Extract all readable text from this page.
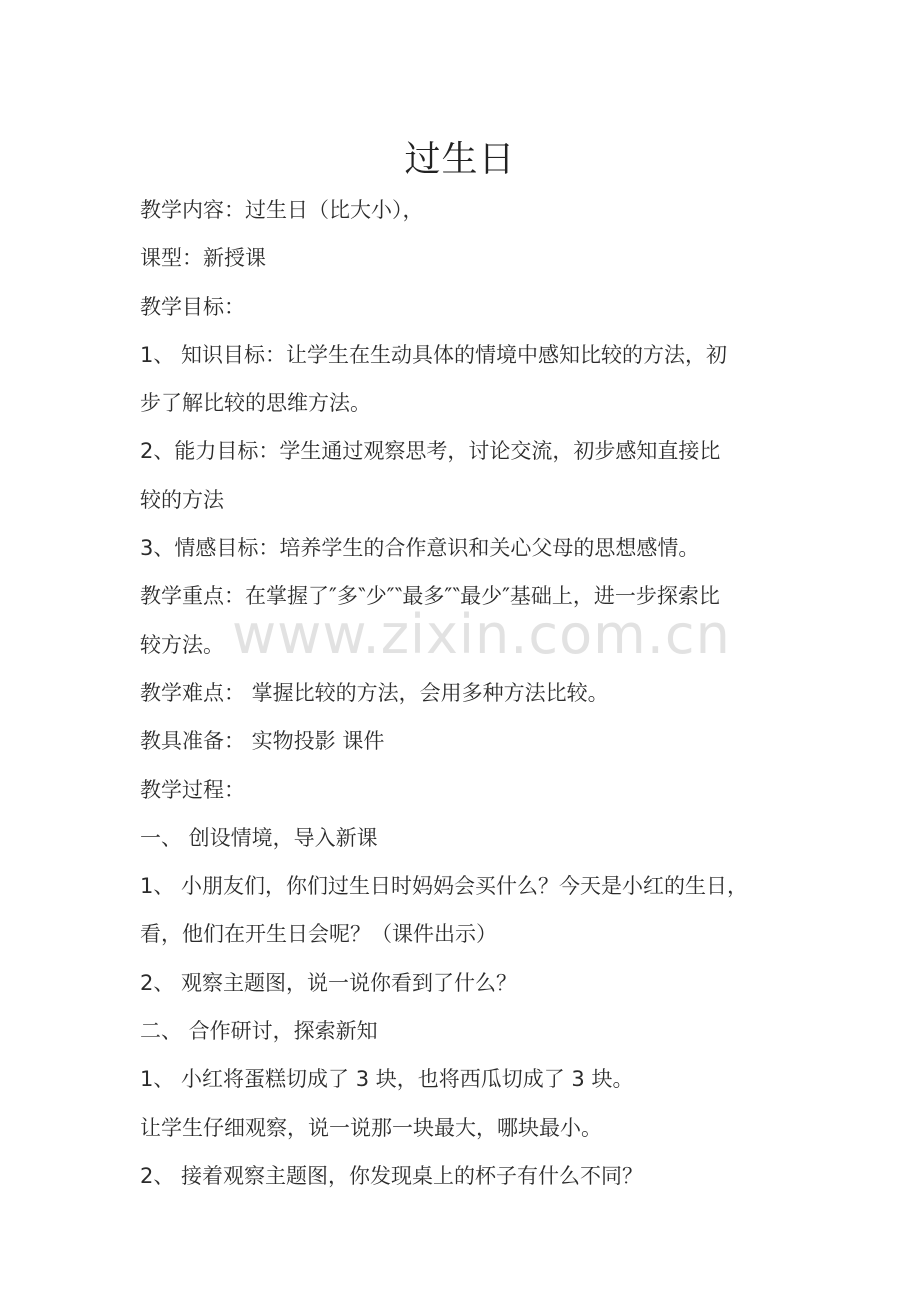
过生日
教学内容：过生日（比大小），
课型：新授课
教学目标：
1、 知识目标：让学生在生动具体的情境中感知比较的方法，初
步了解比较的思维方法。
2、能力目标：学生通过观察思考，讨论交流，初步感知直接比
较的方法
3、情感目标：培养学生的合作意识和关心父母的思想感情。
教学重点：在掌握了″多‶少″‶最多″‶最少″基础上，进一步探索比
较方法。
教学难点： 掌握比较的方法，会用多种方法比较。
教具准备： 实物投影 课件
教学过程：
一、 创设情境，导入新课
1、 小朋友们，你们过生日时妈妈会买什么？今天是小红的生日，
看，他们在开生日会呢？（课件出示）
2、 观察主题图，说一说你看到了什么？
二、 合作研讨，探索新知
1、 小红将蛋糕切成了 3 块，也将西瓜切成了 3 块。
让学生仔细观察，说一说那一块最大，哪块最小。
2、 接着观察主题图，你发现桌上的杯子有什么不同？
www.zixin.com.cn
